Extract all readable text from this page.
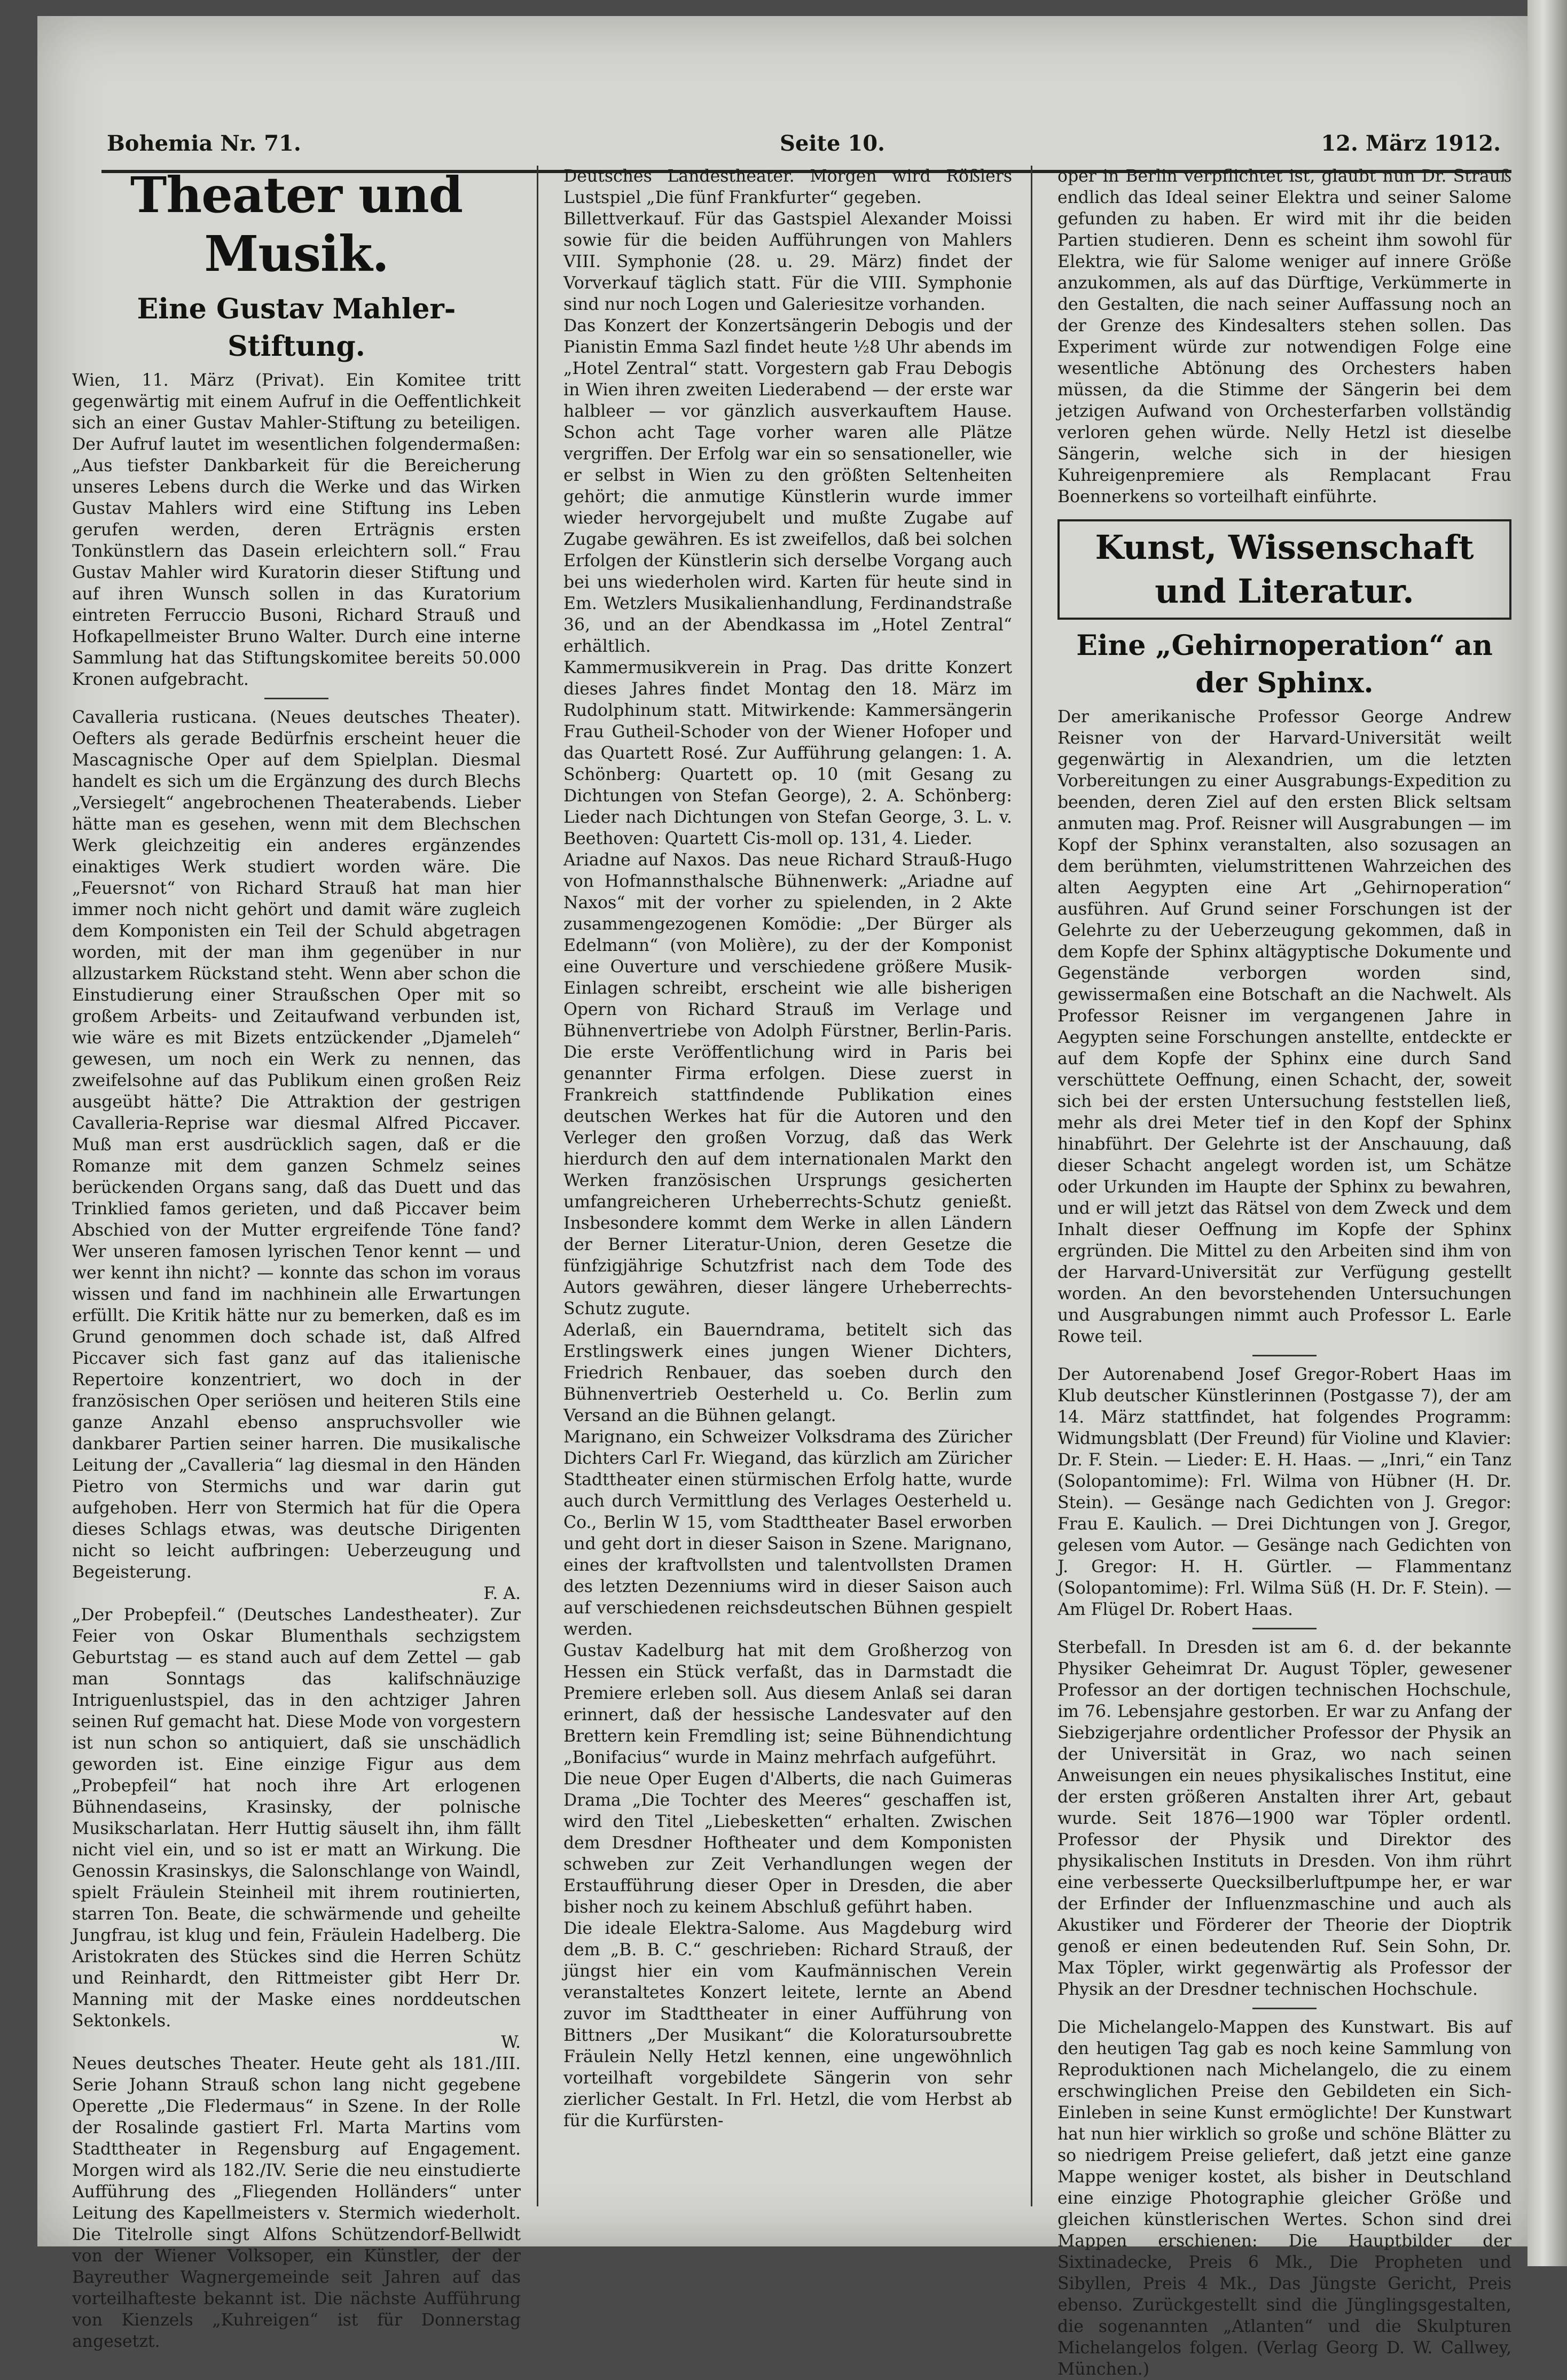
Bohemia Nr. 71.	Seite 10.	12. März 1912.
Theater und Musik.
Eine Gustav Mahler-Stiftung.

Wien, 11. März (Privat). Ein Komitee tritt gegenwärtig mit einem Aufruf in die Oeffentlichkeit sich an einer Gustav Mahler-Stiftung zu beteiligen. Der Aufruf lautet im wesentlichen folgendermaßen: „Aus tiefster Dankbarkeit für die Bereicherung unseres Lebens durch die Werke und das Wirken Gustav Mahlers wird eine Stiftung ins Leben gerufen werden, deren Erträgnis ersten Tonkünstlern das Dasein erleichtern soll.“ Frau Gustav Mahler wird Kuratorin dieser Stiftung und auf ihren Wunsch sollen in das Kuratorium eintreten Ferruccio Busoni, Richard Strauß und Hofkapellmeister Bruno Walter. Durch eine interne Sammlung hat das Stiftungskomitee bereits 50.000 Kronen aufgebracht.

Cavalleria rusticana. (Neues deutsches Theater). Oefters als gerade Bedürfnis erscheint heuer die Mascagnische Oper auf dem Spielplan. Diesmal handelt es sich um die Ergänzung des durch Blechs „Versiegelt“ angebrochenen Theaterabends. Lieber hätte man es gesehen, wenn mit dem Blechschen Werk gleichzeitig ein anderes ergänzendes einaktiges Werk studiert worden wäre. Die „Feuersnot“ von Richard Strauß hat man hier immer noch nicht gehört und damit wäre zugleich dem Komponisten ein Teil der Schuld abgetragen worden, mit der man ihm gegenüber in nur allzustarkem Rückstand steht. Wenn aber schon die Einstudierung einer Straußschen Oper mit so großem Arbeits- und Zeitaufwand verbunden ist, wie wäre es mit Bizets entzückender „Djameleh“ gewesen, um noch ein Werk zu nennen, das zweifelsohne auf das Publikum einen großen Reiz ausgeübt hätte? Die Attraktion der gestrigen Cavalleria-Reprise war diesmal Alfred Piccaver. Muß man erst ausdrücklich sagen, daß er die Romanze mit dem ganzen Schmelz seines berückenden Organs sang, daß das Duett und das Trinklied famos gerieten, und daß Piccaver beim Abschied von der Mutter ergreifende Töne fand? Wer unseren famosen lyrischen Tenor kennt — und wer kennt ihn nicht? — konnte das schon im voraus wissen und fand im nachhinein alle Erwartungen erfüllt. Die Kritik hätte nur zu bemerken, daß es im Grund genommen doch schade ist, daß Alfred Piccaver sich fast ganz auf das italienische Repertoire konzentriert, wo doch in der französischen Oper seriösen und heiteren Stils eine ganze Anzahl ebenso anspruchsvoller wie dankbarer Partien seiner harren. Die musikalische Leitung der „Cavalleria“ lag diesmal in den Händen Pietro von Stermichs und war darin gut aufgehoben. Herr von Stermich hat für die Opera dieses Schlags etwas, was deutsche Dirigenten nicht so leicht aufbringen: Ueberzeugung und Begeisterung.

F. A.

„Der Probepfeil.“ (Deutsches Landestheater). Zur Feier von Oskar Blumenthals sechzigstem Geburtstag — es stand auch auf dem Zettel — gab man Sonntags das kalifschnäuzige Intriguenlustspiel, das in den achtziger Jahren seinen Ruf gemacht hat. Diese Mode von vorgestern ist nun schon so antiquiert, daß sie unschädlich geworden ist. Eine einzige Figur aus dem „Probepfeil“ hat noch ihre Art erlogenen Bühnendaseins, Krasinsky, der polnische Musikscharlatan. Herr Huttig säuselt ihn, ihm fällt nicht viel ein, und so ist er matt an Wirkung. Die Genossin Krasinskys, die Salonschlange von Waindl, spielt Fräulein Steinheil mit ihrem routinierten, starren Ton. Beate, die schwärmende und geheilte Jungfrau, ist klug und fein, Fräulein Hadelberg. Die Aristokraten des Stückes sind die Herren Schütz und Reinhardt, den Rittmeister gibt Herr Dr. Manning mit der Maske eines norddeutschen Sektonkels.

W.

Neues deutsches Theater. Heute geht als 181./III. Serie Johann Strauß schon lang nicht gegebene Operette „Die Fledermaus“ in Szene. In der Rolle der Rosalinde gastiert Frl. Marta Martins vom Stadttheater in Regensburg auf Engagement. Morgen wird als 182./IV. Serie die neu einstudierte Aufführung des „Fliegenden Holländers“ unter Leitung des Kapellmeisters v. Stermich wiederholt. Die Titelrolle singt Alfons Schützendorf-Bellwidt von der Wiener Volksoper, ein Künstler, der der Bayreuther Wagnergemeinde seit Jahren auf das vorteilhafteste bekannt ist. Die nächste Aufführung von Kienzels „Kuhreigen“ ist für Donnerstag angesetzt.

Deutsches Landestheater. Morgen wird Rößlers Lustspiel „Die fünf Frankfurter“ gegeben.

Billettverkauf. Für das Gastspiel Alexander Moissi sowie für die beiden Aufführungen von Mahlers VIII. Symphonie (28. u. 29. März) findet der Vorverkauf täglich statt. Für die VIII. Symphonie sind nur noch Logen und Galeriesitze vorhanden.

Das Konzert der Konzertsängerin Debogis und der Pianistin Emma Sazl findet heute ½8 Uhr abends im „Hotel Zentral“ statt. Vorgestern gab Frau Debogis in Wien ihren zweiten Liederabend — der erste war halbleer — vor gänzlich ausverkauftem Hause. Schon acht Tage vorher waren alle Plätze vergriffen. Der Erfolg war ein so sensationeller, wie er selbst in Wien zu den größten Seltenheiten gehört; die anmutige Künstlerin wurde immer wieder hervorgejubelt und mußte Zugabe auf Zugabe gewähren. Es ist zweifellos, daß bei solchen Erfolgen der Künstlerin sich derselbe Vorgang auch bei uns wiederholen wird. Karten für heute sind in Em. Wetzlers Musikalienhandlung, Ferdinandstraße 36, und an der Abendkassa im „Hotel Zentral“ erhältlich.

Kammermusikverein in Prag. Das dritte Konzert dieses Jahres findet Montag den 18. März im Rudolphinum statt. Mitwirkende: Kammersängerin Frau Gutheil-Schoder von der Wiener Hofoper und das Quartett Rosé. Zur Aufführung gelangen: 1. A. Schönberg: Quartett op. 10 (mit Gesang zu Dichtungen von Stefan George), 2. A. Schönberg: Lieder nach Dichtungen von Stefan George, 3. L. v. Beethoven: Quartett Cis-moll op. 131, 4. Lieder.

Ariadne auf Naxos. Das neue Richard Strauß-Hugo von Hofmannsthalsche Bühnenwerk: „Ariadne auf Naxos“ mit der vorher zu spielenden, in 2 Akte zusammengezogenen Komödie: „Der Bürger als Edelmann“ (von Molière), zu der der Komponist eine Ouverture und verschiedene größere Musik-Einlagen schreibt, erscheint wie alle bisherigen Opern von Richard Strauß im Verlage und Bühnenvertriebe von Adolph Fürstner, Berlin-Paris. Die erste Veröffentlichung wird in Paris bei genannter Firma erfolgen. Diese zuerst in Frankreich stattfindende Publikation eines deutschen Werkes hat für die Autoren und den Verleger den großen Vorzug, daß das Werk hierdurch den auf dem internationalen Markt den Werken französischen Ursprungs gesicherten umfangreicheren Urheberrechts-Schutz genießt. Insbesondere kommt dem Werke in allen Ländern der Berner Literatur-Union, deren Gesetze die fünfzigjährige Schutzfrist nach dem Tode des Autors gewähren, dieser längere Urheberrechts-Schutz zugute.

Aderlaß, ein Bauerndrama, betitelt sich das Erstlingswerk eines jungen Wiener Dichters, Friedrich Renbauer, das soeben durch den Bühnenvertrieb Oesterheld u. Co. Berlin zum Versand an die Bühnen gelangt.

Marignano, ein Schweizer Volksdrama des Züricher Dichters Carl Fr. Wiegand, das kürzlich am Züricher Stadttheater einen stürmischen Erfolg hatte, wurde auch durch Vermittlung des Verlages Oesterheld u. Co., Berlin W 15, vom Stadttheater Basel erworben und geht dort in dieser Saison in Szene. Marignano, eines der kraftvollsten und talentvollsten Dramen des letzten Dezenniums wird in dieser Saison auch auf verschiedenen reichsdeutschen Bühnen gespielt werden.

Gustav Kadelburg hat mit dem Großherzog von Hessen ein Stück verfaßt, das in Darmstadt die Premiere erleben soll. Aus diesem Anlaß sei daran erinnert, daß der hessische Landesvater auf den Brettern kein Fremdling ist; seine Bühnendichtung „Bonifacius“ wurde in Mainz mehrfach aufgeführt.

Die neue Oper Eugen d'Alberts, die nach Guimeras Drama „Die Tochter des Meeres“ geschaffen ist, wird den Titel „Liebesketten“ erhalten. Zwischen dem Dresdner Hoftheater und dem Komponisten schweben zur Zeit Verhandlungen wegen der Erstaufführung dieser Oper in Dresden, die aber bisher noch zu keinem Abschluß geführt haben.

Die ideale Elektra-Salome. Aus Magdeburg wird dem „B. B. C.“ geschrieben: Richard Strauß, der jüngst hier ein vom Kaufmännischen Verein veranstaltetes Konzert leitete, lernte an Abend zuvor im Stadttheater in einer Aufführung von Bittners „Der Musikant“ die Koloratursoubrette Fräulein Nelly Hetzl kennen, eine ungewöhnlich vorteilhaft vorgebildete Sängerin von sehr zierlicher Gestalt. In Frl. Hetzl, die vom Herbst ab für die Kurfürsten-

oper in Berlin verpflichtet ist, glaubt nun Dr. Strauß endlich das Ideal seiner Elektra und seiner Salome gefunden zu haben. Er wird mit ihr die beiden Partien studieren. Denn es scheint ihm sowohl für Elektra, wie für Salome weniger auf innere Größe anzukommen, als auf das Dürftige, Verkümmerte in den Gestalten, die nach seiner Auffassung noch an der Grenze des Kindesalters stehen sollen. Das Experiment würde zur notwendigen Folge eine wesentliche Abtönung des Orchesters haben müssen, da die Stimme der Sängerin bei dem jetzigen Aufwand von Orchesterfarben vollständig verloren gehen würde. Nelly Hetzl ist dieselbe Sängerin, welche sich in der hiesigen Kuhreigenpremiere als Remplacant Frau Boennerkens so vorteilhaft einführte.

Kunst, Wissenschaft und Literatur.
Eine „Gehirnoperation“ an der Sphinx.

Der amerikanische Professor George Andrew Reisner von der Harvard-Universität weilt gegenwärtig in Alexandrien, um die letzten Vorbereitungen zu einer Ausgrabungs-Expedition zu beenden, deren Ziel auf den ersten Blick seltsam anmuten mag. Prof. Reisner will Ausgrabungen — im Kopf der Sphinx veranstalten, also sozusagen an dem berühmten, vielumstrittenen Wahrzeichen des alten Aegypten eine Art „Gehirnoperation“ ausführen. Auf Grund seiner Forschungen ist der Gelehrte zu der Ueberzeugung gekommen, daß in dem Kopfe der Sphinx altägyptische Dokumente und Gegenstände verborgen worden sind, gewissermaßen eine Botschaft an die Nachwelt. Als Professor Reisner im vergangenen Jahre in Aegypten seine Forschungen anstellte, entdeckte er auf dem Kopfe der Sphinx eine durch Sand verschüttete Oeffnung, einen Schacht, der, soweit sich bei der ersten Untersuchung feststellen ließ, mehr als drei Meter tief in den Kopf der Sphinx hinabführt. Der Gelehrte ist der Anschauung, daß dieser Schacht angelegt worden ist, um Schätze oder Urkunden im Haupte der Sphinx zu bewahren, und er will jetzt das Rätsel von dem Zweck und dem Inhalt dieser Oeffnung im Kopfe der Sphinx ergründen. Die Mittel zu den Arbeiten sind ihm von der Harvard-Universität zur Verfügung gestellt worden. An den bevorstehenden Untersuchungen und Ausgrabungen nimmt auch Professor L. Earle Rowe teil.

Der Autorenabend Josef Gregor-Robert Haas im Klub deutscher Künstlerinnen (Postgasse 7), der am 14. März stattfindet, hat folgendes Programm: Widmungsblatt (Der Freund) für Violine und Klavier: Dr. F. Stein. — Lieder: E. H. Haas. — „Inri,“ ein Tanz (Solopantomime): Frl. Wilma von Hübner (H. Dr. Stein). — Gesänge nach Gedichten von J. Gregor: Frau E. Kaulich. — Drei Dichtungen von J. Gregor, gelesen vom Autor. — Gesänge nach Gedichten von J. Gregor: H. H. Gürtler. — Flammentanz (Solopantomime): Frl. Wilma Süß (H. Dr. F. Stein). — Am Flügel Dr. Robert Haas.

Sterbefall. In Dresden ist am 6. d. der bekannte Physiker Geheimrat Dr. August Töpler, gewesener Professor an der dortigen technischen Hochschule, im 76. Lebensjahre gestorben. Er war zu Anfang der Siebzigerjahre ordentlicher Professor der Physik an der Universität in Graz, wo nach seinen Anweisungen ein neues physikalisches Institut, eine der ersten größeren Anstalten ihrer Art, gebaut wurde. Seit 1876—1900 war Töpler ordentl. Professor der Physik und Direktor des physikalischen Instituts in Dresden. Von ihm rührt eine verbesserte Quecksilberluftpumpe her, er war der Erfinder der Influenzmaschine und auch als Akustiker und Förderer der Theorie der Dioptrik genoß er einen bedeutenden Ruf. Sein Sohn, Dr. Max Töpler, wirkt gegenwärtig als Professor der Physik an der Dresdner technischen Hochschule.

Die Michelangelo-Mappen des Kunstwart. Bis auf den heutigen Tag gab es noch keine Sammlung von Reproduktionen nach Michelangelo, die zu einem erschwinglichen Preise den Gebildeten ein Sich-Einleben in seine Kunst ermöglichte! Der Kunstwart hat nun hier wirklich so große und schöne Blätter zu so niedrigem Preise geliefert, daß jetzt eine ganze Mappe weniger kostet, als bisher in Deutschland eine einzige Photographie gleicher Größe und gleichen künstlerischen Wertes. Schon sind drei Mappen erschienen: Die Hauptbilder der Sixtinadecke, Preis 6 Mk., Die Propheten und Sibyllen, Preis 4 Mk., Das Jüngste Gericht, Preis ebenso. Zurückgestellt sind die Jünglingsgestalten, die sogenannten „Atlanten“ und die Skulpturen Michelangelos folgen. (Verlag Georg D. W. Callwey, München.)
